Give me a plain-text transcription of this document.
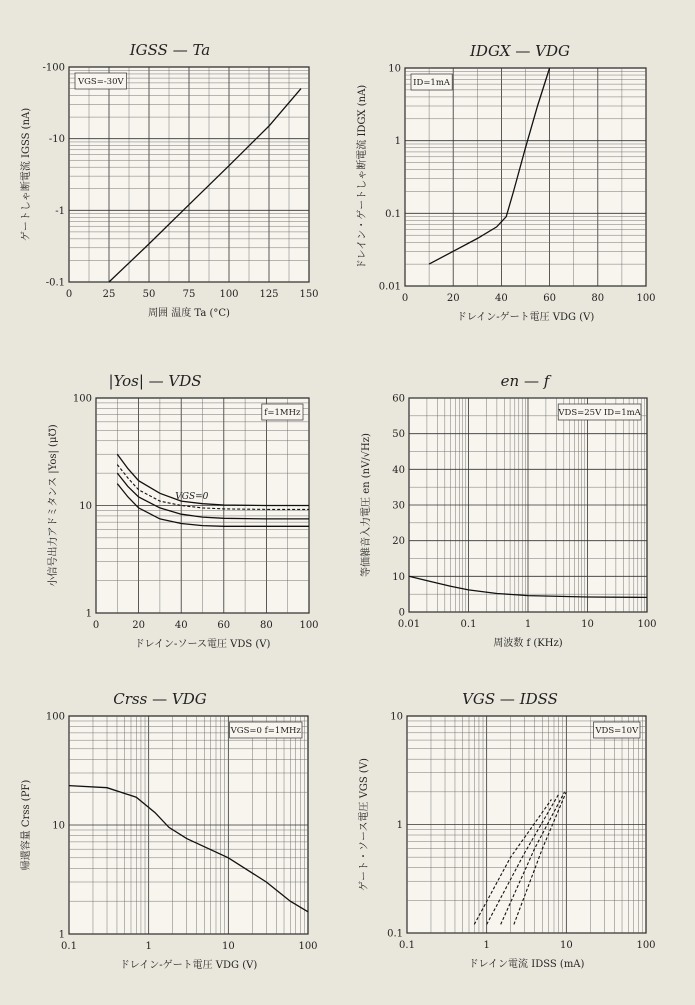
IGSS — Ta
0	25	50	75 100 125 150
-100
-10
-1
-0.1
周囲 温度 Ta (°C)
ゲートしゃ断電流 IGSS (nA)
VGS=-30V
IDGX — VDG
0	20	40	60	80	100
10
1
0.1
0.01
ドレイン-ゲート電圧 VDG (V)
ドレイン・ゲートしゃ断電流 IDGX (nA)
ID=1mA
|Yos| — VDS
0	20	40	60	80	100
100
10
1
ドレイン-ソース電圧 VDS (V)
小信号出力アドミタンス |Yos| (μ℧)
f=1MHz
VGS=0
en — f
0.01	0.1	1	10	100
60
50
40
30
20
10
0
周波数 f (KHz)
等価雑音入力電圧 en (nV/√Hz)
VDS=25V ID=1mA
Crss — VDG
0.1	1	10	100
100
10
1
ドレイン-ゲート電圧 VDG (V)
帰還容量 Crss (PF)
VGS=0 f=1MHz
VGS — IDSS
0.1	1	10	100
10
1
0.1
ドレイン電流 IDSS (mA)
ゲート・ソース電圧 VGS (V)
VDS=10V
